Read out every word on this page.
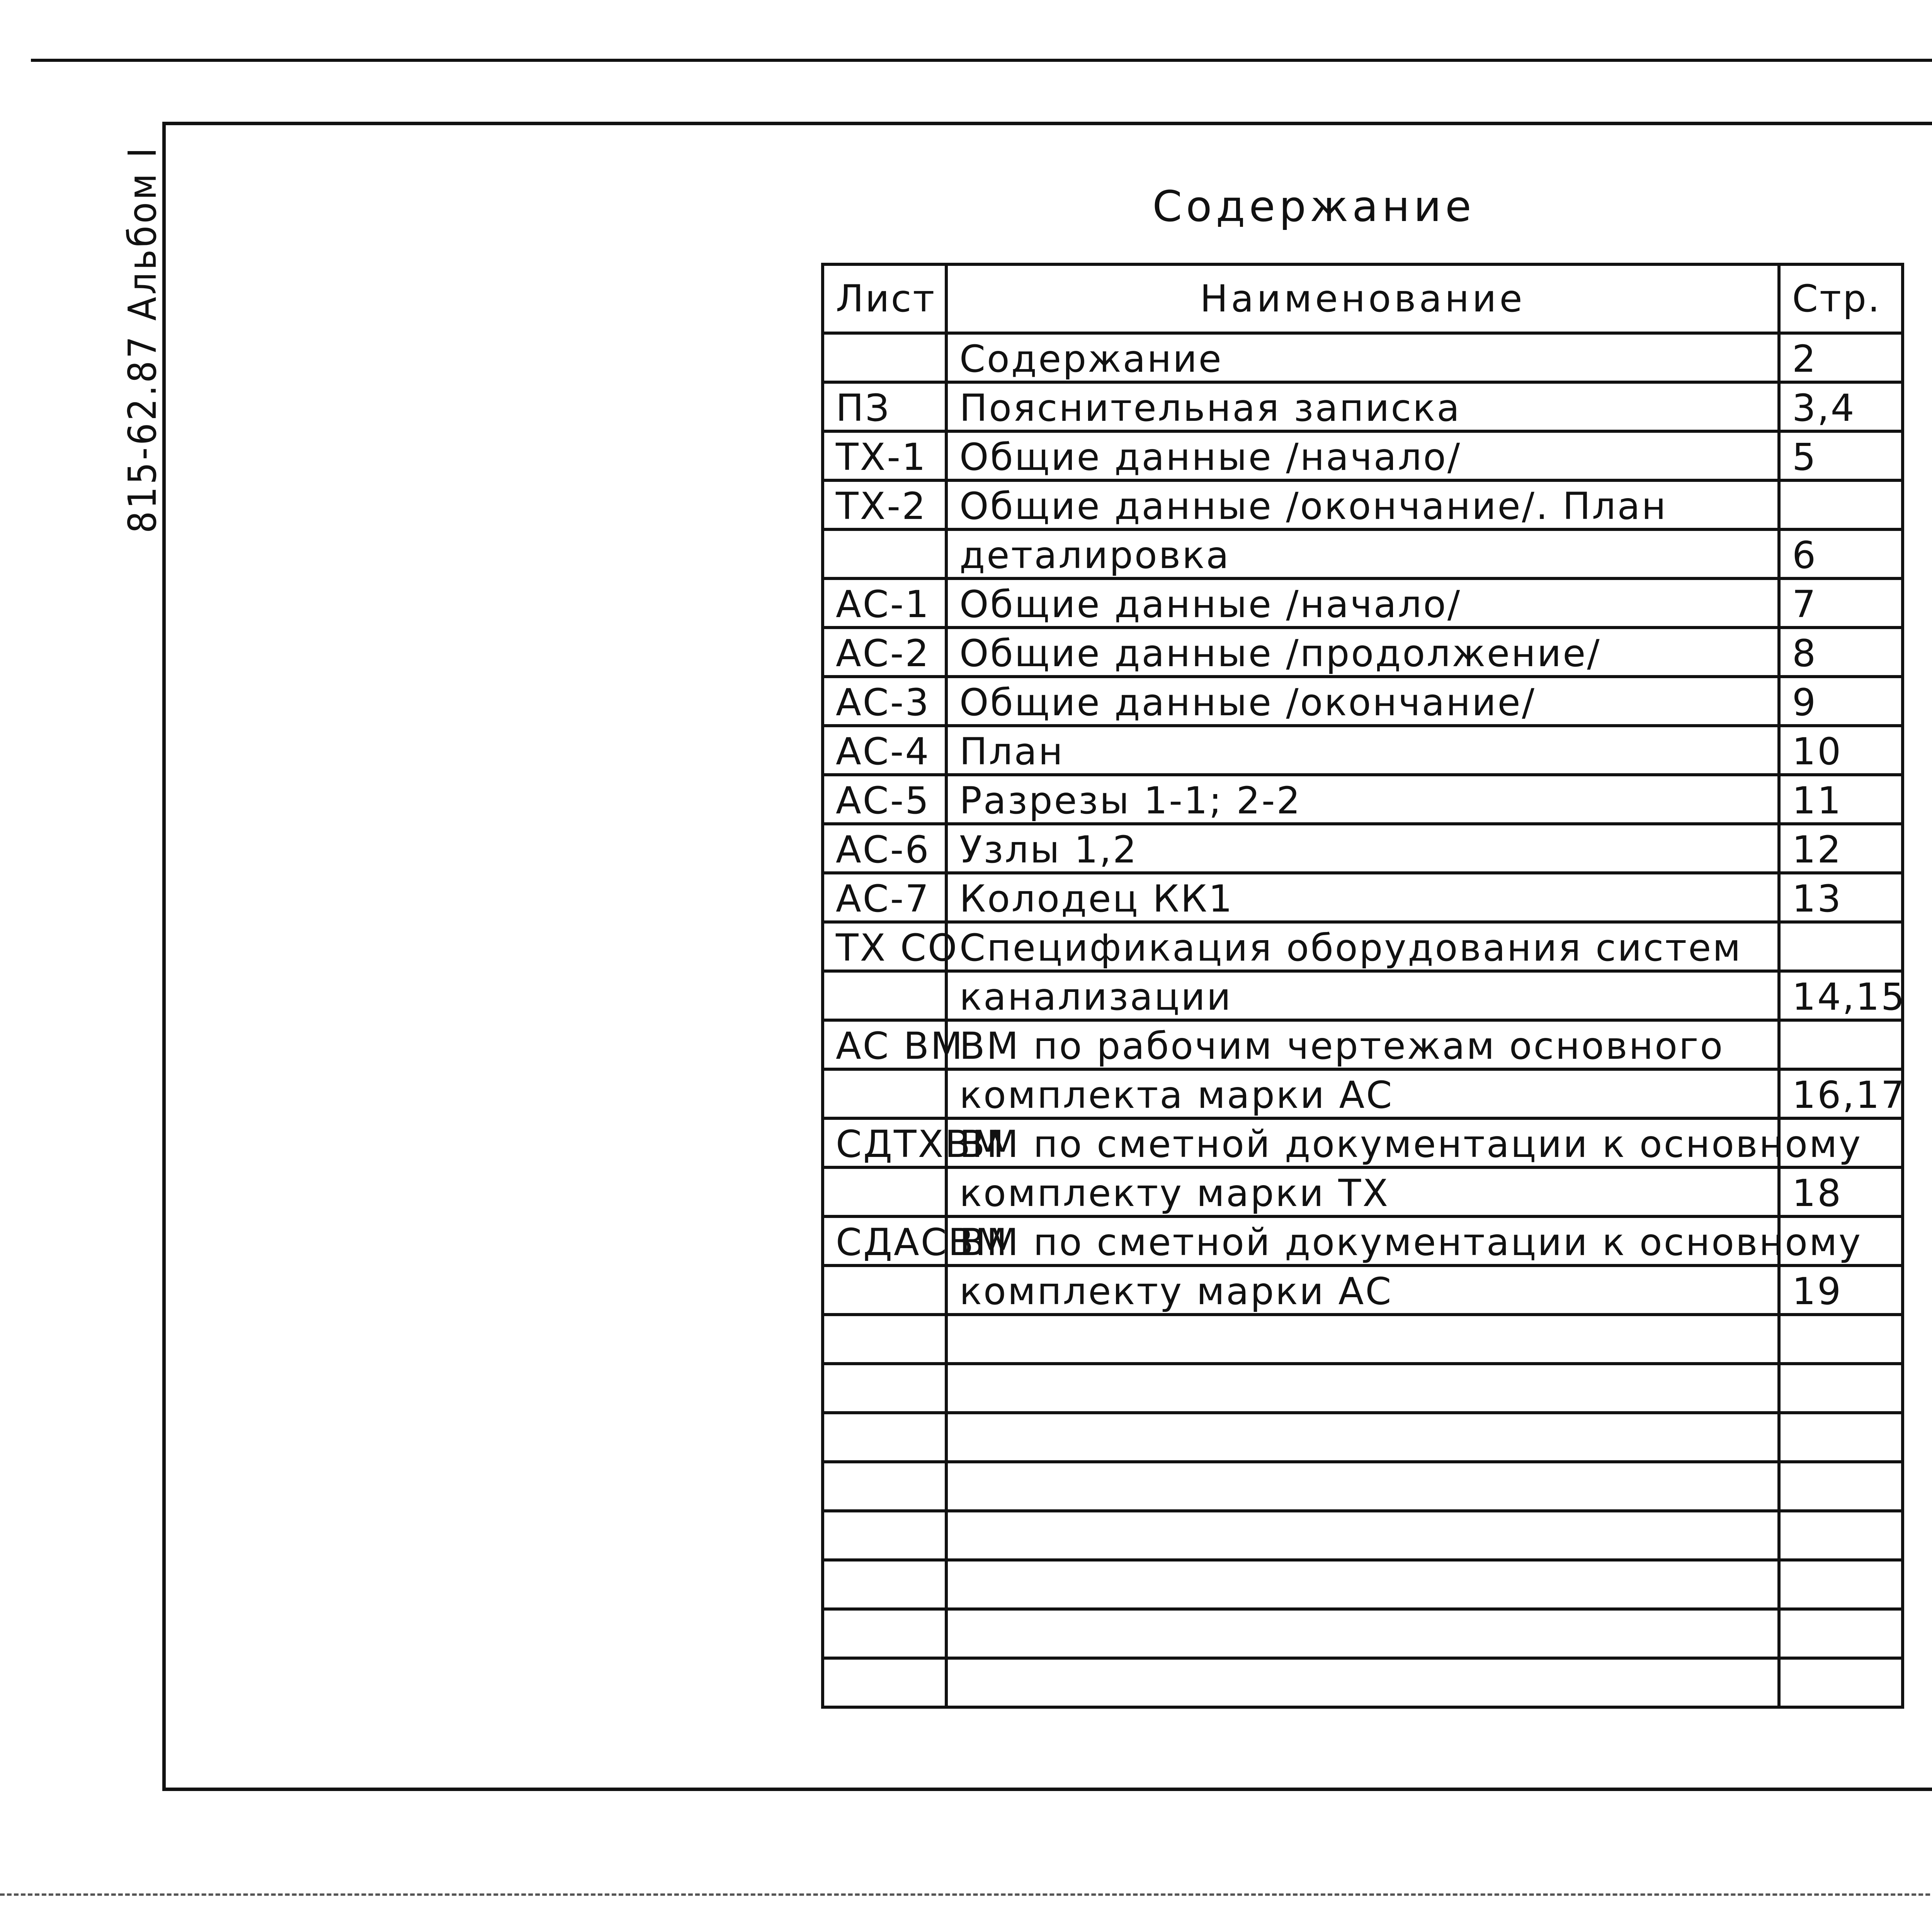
815-62.87 Альбом I	Содержание
Лист	Наименование	Стр.
	Содержание	2
ПЗ	Пояснительная записка	3,4
ТХ-1	Общие данные /начало/	5
ТХ-2	Общие данные /окончание/. План	
	деталировка	6
АС-1	Общие данные /начало/	7
АС-2	Общие данные /продолжение/	8
АС-3	Общие данные /окончание/	9
АС-4	План	10
АС-5	Разрезы 1-1; 2-2	11
АС-6	Узлы 1,2	12
АС-7	Колодец КК1	13
ТХ СО	Спецификация оборудования систем	
	канализации	14,15
АС ВМ	ВМ по рабочим чертежам основного	
	комплекта марки АС	16,17
СДТХВМ	ВМ по сметной документации к основному	
	комплекту марки ТХ	18
СДАСВМ	ВМ по сметной документации к основному	
	комплекту марки АС	19
